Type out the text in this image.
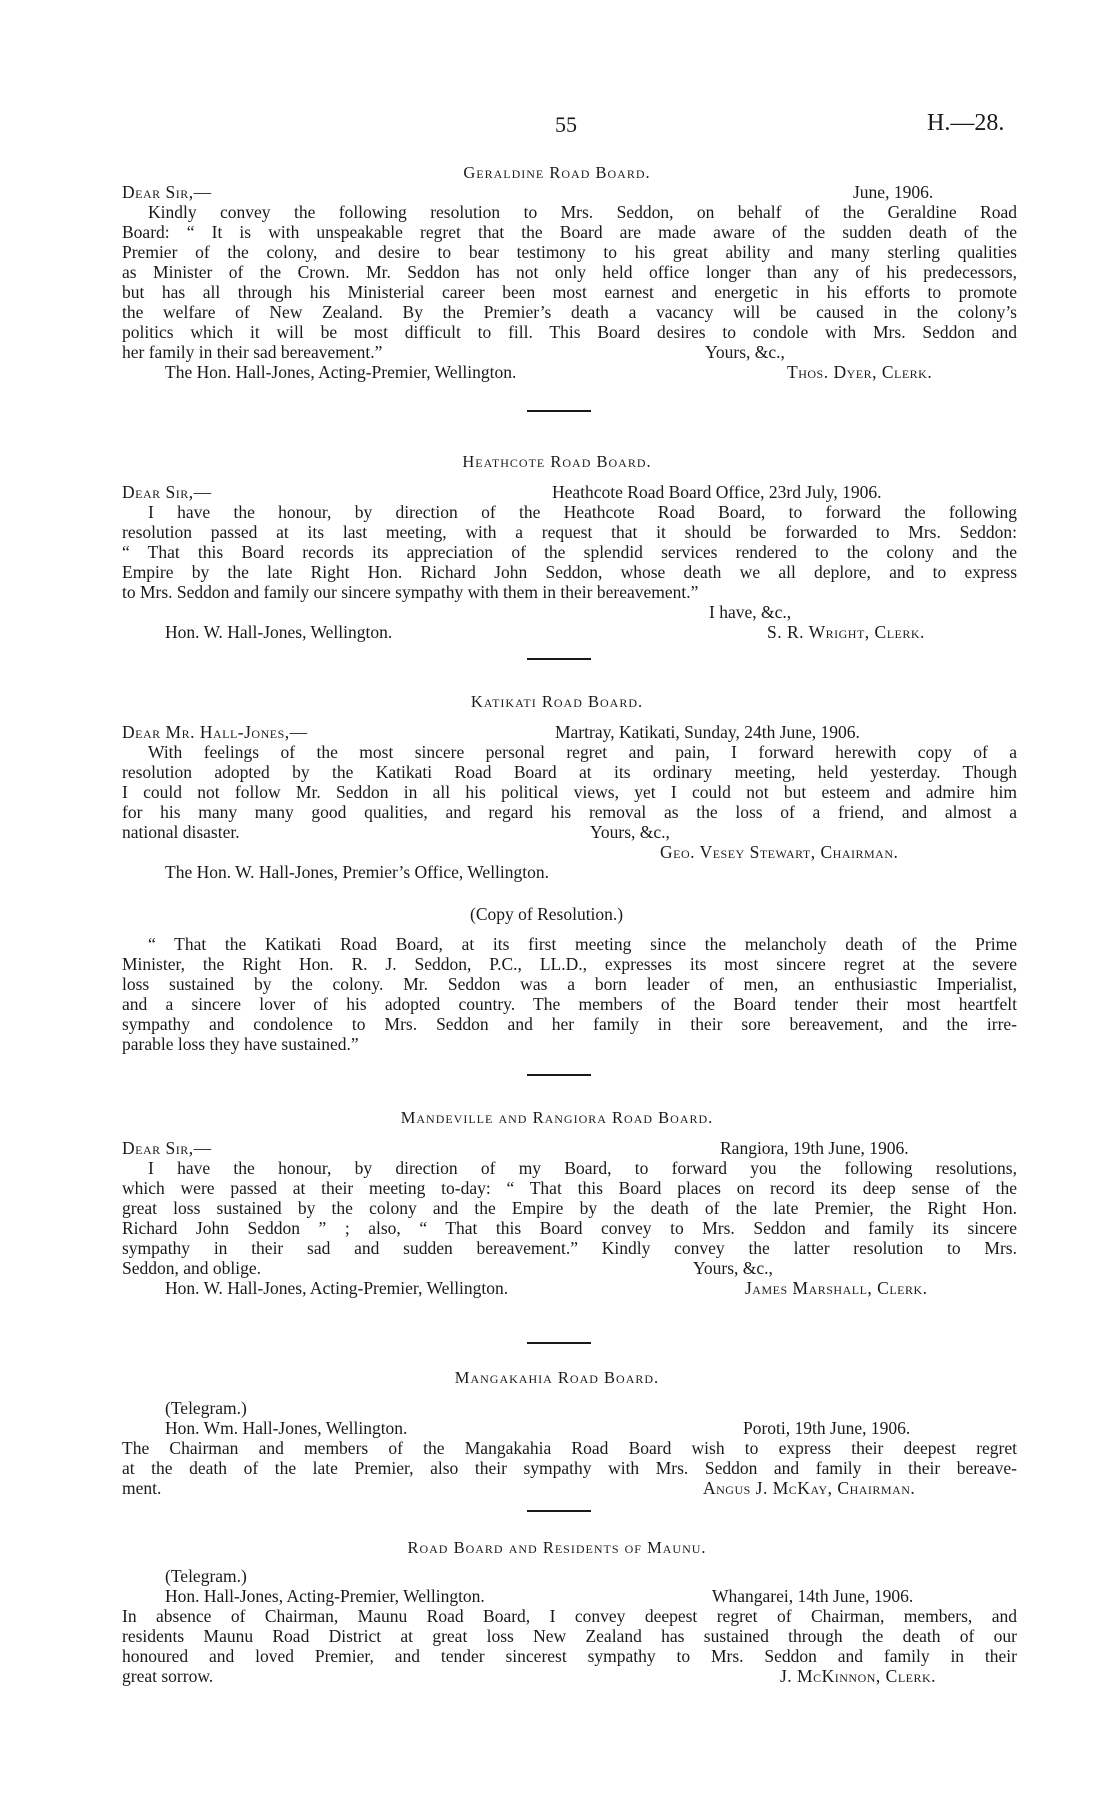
55	H.—28.
Geraldine Road Board.
Dear Sir,—	June, 1906.
Kindly convey the following resolution to Mrs. Seddon, on behalf of the Geraldine Road
Board: “ It is with unspeakable regret that the Board are made aware of the sudden death of the
Premier of the colony, and desire to bear testimony to his great ability and many sterling qualities
as Minister of the Crown. Mr. Seddon has not only held office longer than any of his predecessors,
but has all through his Ministerial career been most earnest and energetic in his efforts to promote
the welfare of New Zealand. By the Premier’s death a vacancy will be caused in the colony’s
politics which it will be most difficult to fill. This Board desires to condole with Mrs. Seddon and
her family in their sad bereavement.”	Yours, &c.,
The Hon. Hall-Jones, Acting-Premier, Wellington.	Thos. Dyer, Clerk.
Heathcote Road Board.
Dear Sir,—	Heathcote Road Board Office, 23rd July, 1906.
I have the honour, by direction of the Heathcote Road Board, to forward the following
resolution passed at its last meeting, with a request that it should be forwarded to Mrs. Seddon:
“ That this Board records its appreciation of the splendid services rendered to the colony and the
Empire by the late Right Hon. Richard John Seddon, whose death we all deplore, and to express
to Mrs. Seddon and family our sincere sympathy with them in their bereavement.”
I have, &c.,
Hon. W. Hall-Jones, Wellington.	S. R. Wright, Clerk.
Katikati Road Board.
Dear Mr. Hall-Jones,—	Martray, Katikati, Sunday, 24th June, 1906.
With feelings of the most sincere personal regret and pain, I forward herewith copy of a
resolution adopted by the Katikati Road Board at its ordinary meeting, held yesterday. Though
I could not follow Mr. Seddon in all his political views, yet I could not but esteem and admire him
for his many many good qualities, and regard his removal as the loss of a friend, and almost a
national disaster.	Yours, &c.,
Geo. Vesey Stewart, Chairman.
The Hon. W. Hall-Jones, Premier’s Office, Wellington.
(Copy of Resolution.)
“ That the Katikati Road Board, at its first meeting since the melancholy death of the Prime
Minister, the Right Hon. R. J. Seddon, P.C., LL.D., expresses its most sincere regret at the severe
loss sustained by the colony. Mr. Seddon was a born leader of men, an enthusiastic Imperialist,
and a sincere lover of his adopted country. The members of the Board tender their most heartfelt
sympathy and condolence to Mrs. Seddon and her family in their sore bereavement, and the irre-
parable loss they have sustained.”
Mandeville and Rangiora Road Board.
Dear Sir,—	Rangiora, 19th June, 1906.
I have the honour, by direction of my Board, to forward you the following resolutions,
which were passed at their meeting to-day: “ That this Board places on record its deep sense of the
great loss sustained by the colony and the Empire by the death of the late Premier, the Right Hon.
Richard John Seddon ” ; also, “ That this Board convey to Mrs. Seddon and family its sincere
sympathy in their sad and sudden bereavement.” Kindly convey the latter resolution to Mrs.
Seddon, and oblige.	Yours, &c.,
Hon. W. Hall-Jones, Acting-Premier, Wellington.	James Marshall, Clerk.
Mangakahia Road Board.
(Telegram.)
Hon. Wm. Hall-Jones, Wellington.	Poroti, 19th June, 1906.
The Chairman and members of the Mangakahia Road Board wish to express their deepest regret
at the death of the late Premier, also their sympathy with Mrs. Seddon and family in their bereave-
ment.	Angus J. McKay, Chairman.
Road Board and Residents of Maunu.
(Telegram.)
Hon. Hall-Jones, Acting-Premier, Wellington.	Whangarei, 14th June, 1906.
In absence of Chairman, Maunu Road Board, I convey deepest regret of Chairman, members, and
residents Maunu Road District at great loss New Zealand has sustained through the death of our
honoured and loved Premier, and tender sincerest sympathy to Mrs. Seddon and family in their
great sorrow.	J. McKinnon, Clerk.
